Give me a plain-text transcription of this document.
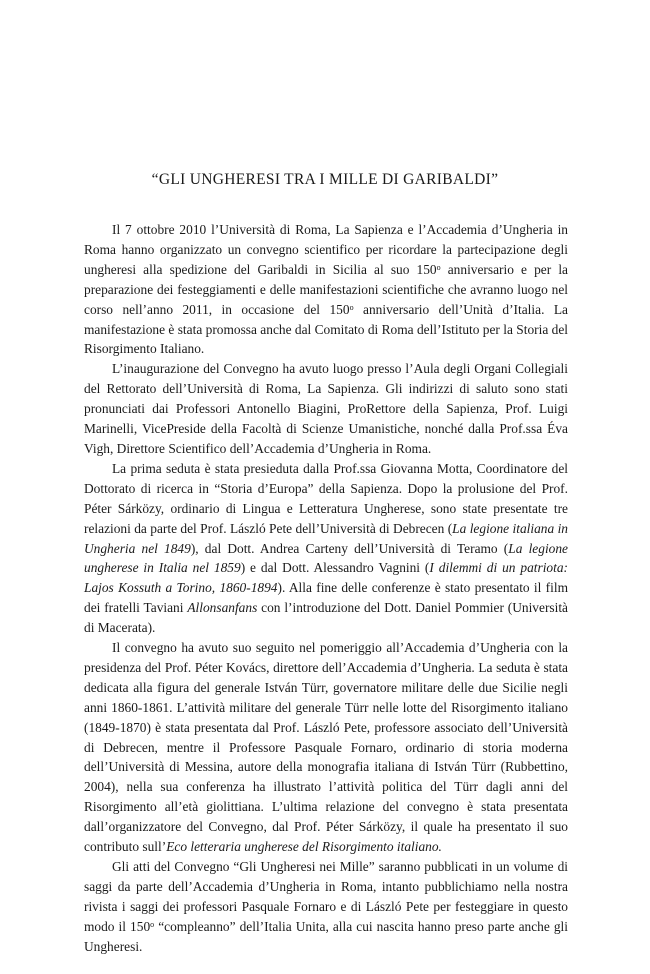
“GLI UNGHERESI TRA I MILLE DI GARIBALDI”

Il 7 ottobre 2010 l’Università di Roma, La Sapienza e l’Accademia d’Ungheria in Roma hanno organizzato un convegno scientifico per ricordare la partecipazione degli ungheresi alla spedizione del Garibaldi in Sicilia al suo 150$^o$ anniversario e per la preparazione dei festeggiamenti e delle manifestazioni scientifiche che avranno luogo nel corso nell’anno 2011, in occasione del 150$^o$ anniversario dell’Unità d’Italia. La manifestazione è stata promossa anche dal Comitato di Roma dell’Istituto per la Storia del Risorgimento Italiano.

L’inaugurazione del Convegno ha avuto luogo presso l’Aula degli Organi Collegiali del Rettorato dell’Università di Roma, La Sapienza. Gli indirizzi di saluto sono stati pronunciati dai Professori Antonello Biagini, ProRettore della Sapienza, Prof. Luigi Marinelli, VicePreside della Facoltà di Scienze Umanistiche, nonché dalla Prof.ssa Éva Vigh, Direttore Scientifico dell’Accademia d’Ungheria in Roma.

La prima seduta è stata presieduta dalla Prof.ssa Giovanna Motta, Coordinatore del Dottorato di ricerca in “Storia d’Europa” della Sapienza. Dopo la prolusione del Prof. Péter Sárközy, ordinario di Lingua e Letteratura Ungherese, sono state presentate tre relazioni da parte del Prof. László Pete dell’Università di Debrecen (La legione italiana in Ungheria nel 1849), dal Dott. Andrea Carteny dell’Università di Teramo (La legione ungherese in Italia nel 1859) e dal Dott. Alessandro Vagnini (I dilemmi di un patriota: Lajos Kossuth a Torino, 1860-1894). Alla fine delle conferenze è stato presentato il film dei fratelli Taviani Allonsanfans con l’introduzione del Dott. Daniel Pommier (Università di Macerata).

Il convegno ha avuto suo seguito nel pomeriggio all’Accademia d’Ungheria con la presidenza del Prof. Péter Kovács, direttore dell’Accademia d’Ungheria. La seduta è stata dedicata alla figura del generale István Türr, governatore militare delle due Sicilie negli anni 1860-1861. L’attività militare del generale Türr nelle lotte del Risorgimento italiano (1849-1870) è stata presentata dal Prof. László Pete, professore associato dell’Università di Debrecen, mentre il Professore Pasquale Fornaro, ordinario di storia moderna dell’Università di Messina, autore della monografia italiana di István Türr (Rubbettino, 2004), nella sua conferenza ha illustrato l’attività politica del Türr dagli anni del Risorgimento all’età giolittiana. L’ultima relazione del convegno è stata presentata dall’organizzatore del Convegno, dal Prof. Péter Sárközy, il quale ha presentato il suo contributo sull’Eco letteraria ungherese del Risorgimento italiano.

Gli atti del Convegno “Gli Ungheresi nei Mille” saranno pubblicati in un volume di saggi da parte dell’Accademia d’Ungheria in Roma, intanto pubblichiamo nella nostra rivista i saggi dei professori Pasquale Fornaro e di László Pete per festeggiare in questo modo il 150$^o$ “compleanno” dell’Italia Unita, alla cui nascita hanno preso parte anche gli Ungheresi.
